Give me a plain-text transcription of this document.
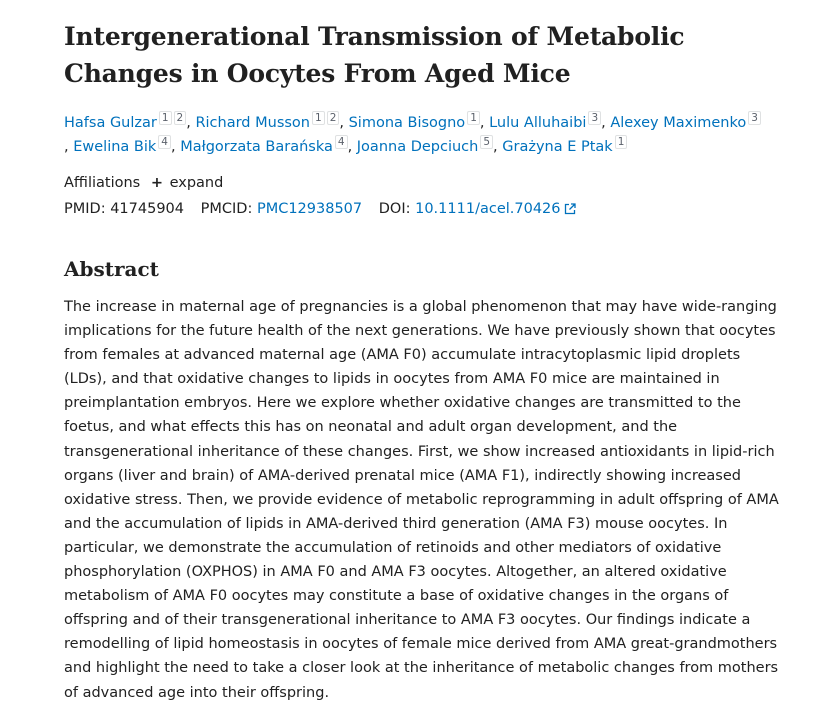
Intergenerational Transmission of Metabolic Changes in Oocytes From Aged Mice
Hafsa Gulzar 1 2 , Richard Musson 1 2 , Simona Bisogno 1 , Lulu Alluhaibi 3 , Alexey Maximenko 3, Ewelina Bik 4 , Małgorzata Barańska 4 , Joanna Depciuch 5 , Grażyna E Ptak 1
Affiliations + expand
PMID: 41745904 PMCID: PMC12938507 DOI: 10.1111/acel.70426
Abstract

The increase in maternal age of pregnancies is a global phenomenon that may have wide-ranging implications for the future health of the next generations. We have previously shown that oocytes from females at advanced maternal age (AMA F0) accumulate intracytoplasmic lipid droplets (LDs), and that oxidative changes to lipids in oocytes from AMA F0 mice are maintained in preimplantation embryos. Here we explore whether oxidative changes are transmitted to the foetus, and what effects this has on neonatal and adult organ development, and the transgenerational inheritance of these changes. First, we show increased antioxidants in lipid-rich organs (liver and brain) of AMA-derived prenatal mice (AMA F1), indirectly showing increased oxidative stress. Then, we provide evidence of metabolic reprogramming in adult offspring of AMA and the accumulation of lipids in AMA-derived third generation (AMA F3) mouse oocytes. In particular, we demonstrate the accumulation of retinoids and other mediators of oxidative phosphorylation (OXPHOS) in AMA F0 and AMA F3 oocytes. Altogether, an altered oxidative metabolism of AMA F0 oocytes may constitute a base of oxidative changes in the organs of offspring and of their transgenerational inheritance to AMA F3 oocytes. Our findings indicate a remodelling of lipid homeostasis in oocytes of female mice derived from AMA great-grandmothers and highlight the need to take a closer look at the inheritance of metabolic changes from mothers of advanced age into their offspring.
